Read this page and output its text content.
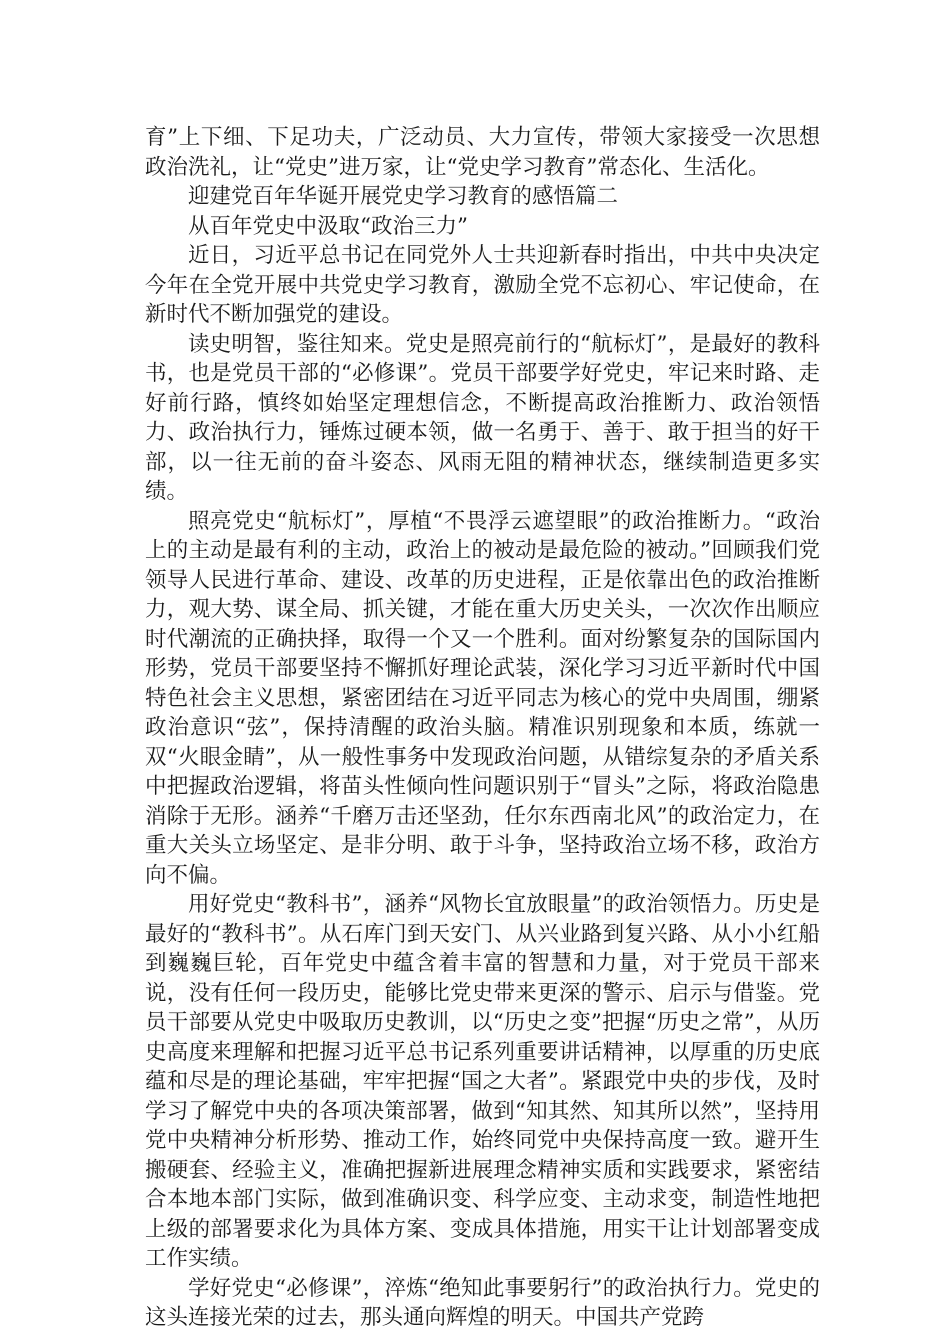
育”上下细、下足功夫，广泛动员、大力宣传，带领大家接受一次思想政治洗礼，让“党史”进万家，让“党史学习教育”常态化、生活化。

迎建党百年华诞开展党史学习教育的感悟篇二

从百年党史中汲取“政治三力”

近日，习近平总书记在同党外人士共迎新春时指出，中共中央决定今年在全党开展中共党史学习教育，激励全党不忘初心、牢记使命，在新时代不断加强党的建设。

读史明智，鉴往知来。党史是照亮前行的“航标灯”，是最好的教科书，也是党员干部的“必修课”。党员干部要学好党史，牢记来时路、走好前行路，慎终如始坚定理想信念，不断提高政治推断力、政治领悟力、政治执行力，锤炼过硬本领，做一名勇于、善于、敢于担当的好干部，以一往无前的奋斗姿态、风雨无阻的精神状态，继续制造更多实绩。

照亮党史“航标灯”，厚植“不畏浮云遮望眼”的政治推断力。“政治上的主动是最有利的主动，政治上的被动是最危险的被动。”回顾我们党领导人民进行革命、建设、改革的历史进程，正是依靠出色的政治推断力，观大势、谋全局、抓关键，才能在重大历史关头，一次次作出顺应时代潮流的正确抉择，取得一个又一个胜利。面对纷繁复杂的国际国内形势，党员干部要坚持不懈抓好理论武装，深化学习习近平新时代中国特色社会主义思想，紧密团结在习近平同志为核心的党中央周围，绷紧政治意识“弦”，保持清醒的政治头脑。精准识别现象和本质，练就一双“火眼金睛”，从一般性事务中发现政治问题，从错综复杂的矛盾关系中把握政治逻辑，将苗头性倾向性问题识别于“冒头”之际，将政治隐患消除于无形。涵养“千磨万击还坚劲，任尔东西南北风”的政治定力，在重大关头立场坚定、是非分明、敢于斗争，坚持政治立场不移，政治方向不偏。

用好党史“教科书”，涵养“风物长宜放眼量”的政治领悟力。历史是最好的“教科书”。从石库门到天安门、从兴业路到复兴路、从小小红船到巍巍巨轮，百年党史中蕴含着丰富的智慧和力量，对于党员干部来说，没有任何一段历史，能够比党史带来更深的警示、启示与借鉴。党员干部要从党史中吸取历史教训，以“历史之变”把握“历史之常”，从历史高度来理解和把握习近平总书记系列重要讲话精神，以厚重的历史底蕴和尽是的理论基础，牢牢把握“国之大者”。紧跟党中央的步伐，及时学习了解党中央的各项决策部署，做到“知其然、知其所以然”，坚持用党中央精神分析形势、推动工作，始终同党中央保持高度一致。避开生搬硬套、经验主义，准确把握新进展理念精神实质和实践要求，紧密结合本地本部门实际，做到准确识变、科学应变、主动求变，制造性地把上级的部署要求化为具体方案、变成具体措施，用实干让计划部署变成工作实绩。

学好党史“必修课”，淬炼“绝知此事要躬行”的政治执行力。党史的这头连接光荣的过去，那头通向辉煌的明天。中国共产党跨
